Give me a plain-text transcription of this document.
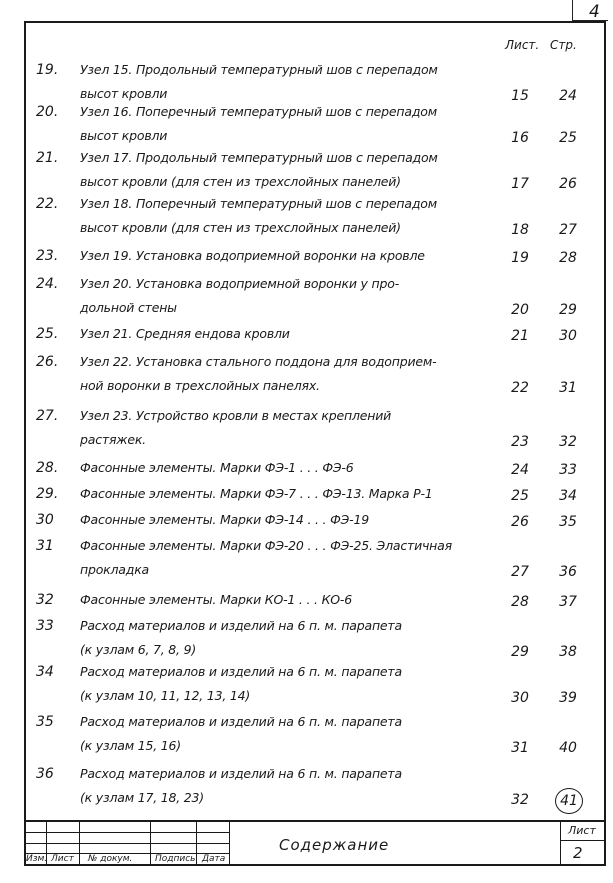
4
Лист. Стр.
19.	Узел 15. Продольный температурный шов с перепадом
высот кровли	15 24
20.	Узел 16. Поперечный температурный шов с перепадом
высот кровли	16 25
21.	Узел 17. Продольный температурный шов с перепадом
высот кровли (для стен из трехслойных панелей)	17 26
22.	Узел 18. Поперечный температурный шов с перепадом
высот кровли (для стен из трехслойных панелей)	18 27
23.	Узел 19. Установка водоприемной воронки на кровле	19 28
24.	Узел 20. Установка водоприемной воронки у про-
дольной стены	20 29
25.	Узел 21. Средняя ендова кровли	21 30
26.	Узел 22. Установка стального поддона для водоприем-
ной воронки в трехслойных панелях.	22 31
27.	Узел 23. Устройство кровли в местах креплений
растяжек.	23 32
28.	Фасонные элементы. Марки ФЭ-1 . . . ФЭ-6	24 33
29.	Фасонные элементы. Марки ФЭ-7 . . . ФЭ-13. Марка Р-1	25 34
30	Фасонные элементы. Марки ФЭ-14 . . . ФЭ-19	26 35
31	Фасонные элементы. Марки ФЭ-20 . . . ФЭ-25. Эластичная
прокладка	27 36
32	Фасонные элементы. Марки КО-1 . . . КО-6	28 37
33	Расход материалов и изделий на 6 п. м. парапета
(к узлам 6, 7, 8, 9)	29 38
34	Расход материалов и изделий на 6 п. м. парапета
(к узлам 10, 11, 12, 13, 14)	30 39
35	Расход материалов и изделий на 6 п. м. парапета
(к узлам 15, 16)	31 40
36	Расход материалов и изделий на 6 п. м. парапета
(к узлам 17, 18, 23)	32	41
Изм. Лист № докум.	Подпись Дата
Содержание
Лист
2
